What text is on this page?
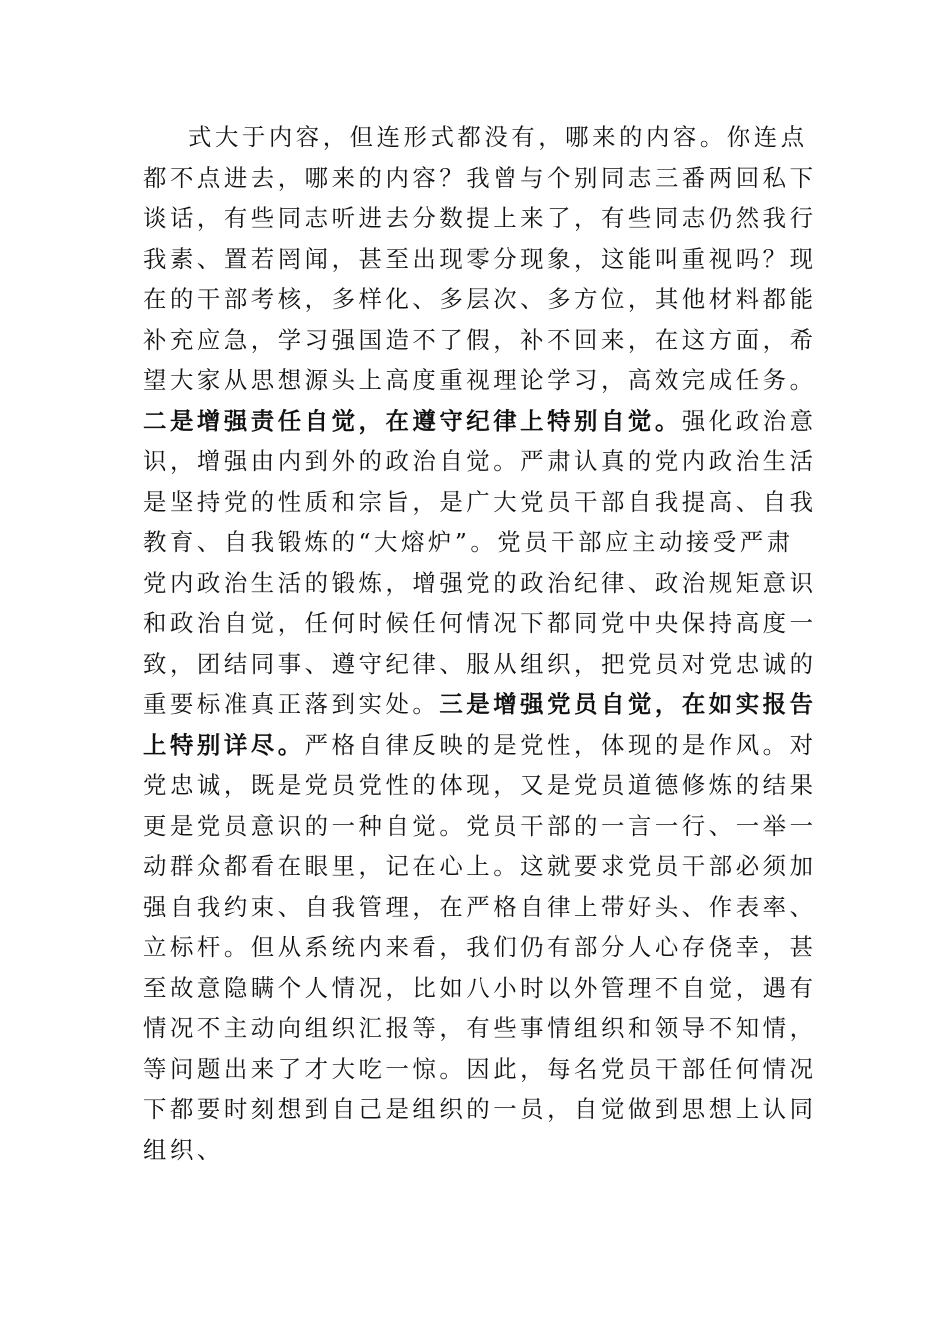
式大于内容，但连形式都没有，哪来的内容。你连点
都不点进去，哪来的内容？我曾与个别同志三番两回私下
谈话，有些同志听进去分数提上来了，有些同志仍然我行
我素、置若罔闻，甚至出现零分现象，这能叫重视吗？现
在的干部考核，多样化、多层次、多方位，其他材料都能
补充应急，学习强国造不了假，补不回来，在这方面，希
望大家从思想源头上高度重视理论学习，高效完成任务。
二是增强责任自觉，在遵守纪律上特别自觉。强化政治意
识，增强由内到外的政治自觉。严肃认真的党内政治生活
是坚持党的性质和宗旨，是广大党员干部自我提高、自我
教育、自我锻炼的“大熔炉”。党员干部应主动接受严肃
党内政治生活的锻炼，增强党的政治纪律、政治规矩意识
和政治自觉，任何时候任何情况下都同党中央保持高度一
致，团结同事、遵守纪律、服从组织，把党员对党忠诚的
重要标准真正落到实处。三是增强党员自觉，在如实报告
上特别详尽。严格自律反映的是党性，体现的是作风。对
党忠诚，既是党员党性的体现，又是党员道德修炼的结果
更是党员意识的一种自觉。党员干部的一言一行、一举一
动群众都看在眼里，记在心上。这就要求党员干部必须加
强自我约束、自我管理，在严格自律上带好头、作表率、
立标杆。但从系统内来看，我们仍有部分人心存侥幸，甚
至故意隐瞒个人情况，比如八小时以外管理不自觉，遇有
情况不主动向组织汇报等，有些事情组织和领导不知情，
等问题出来了才大吃一惊。因此，每名党员干部任何情况
下都要时刻想到自己是组织的一员，自觉做到思想上认同
组织、
